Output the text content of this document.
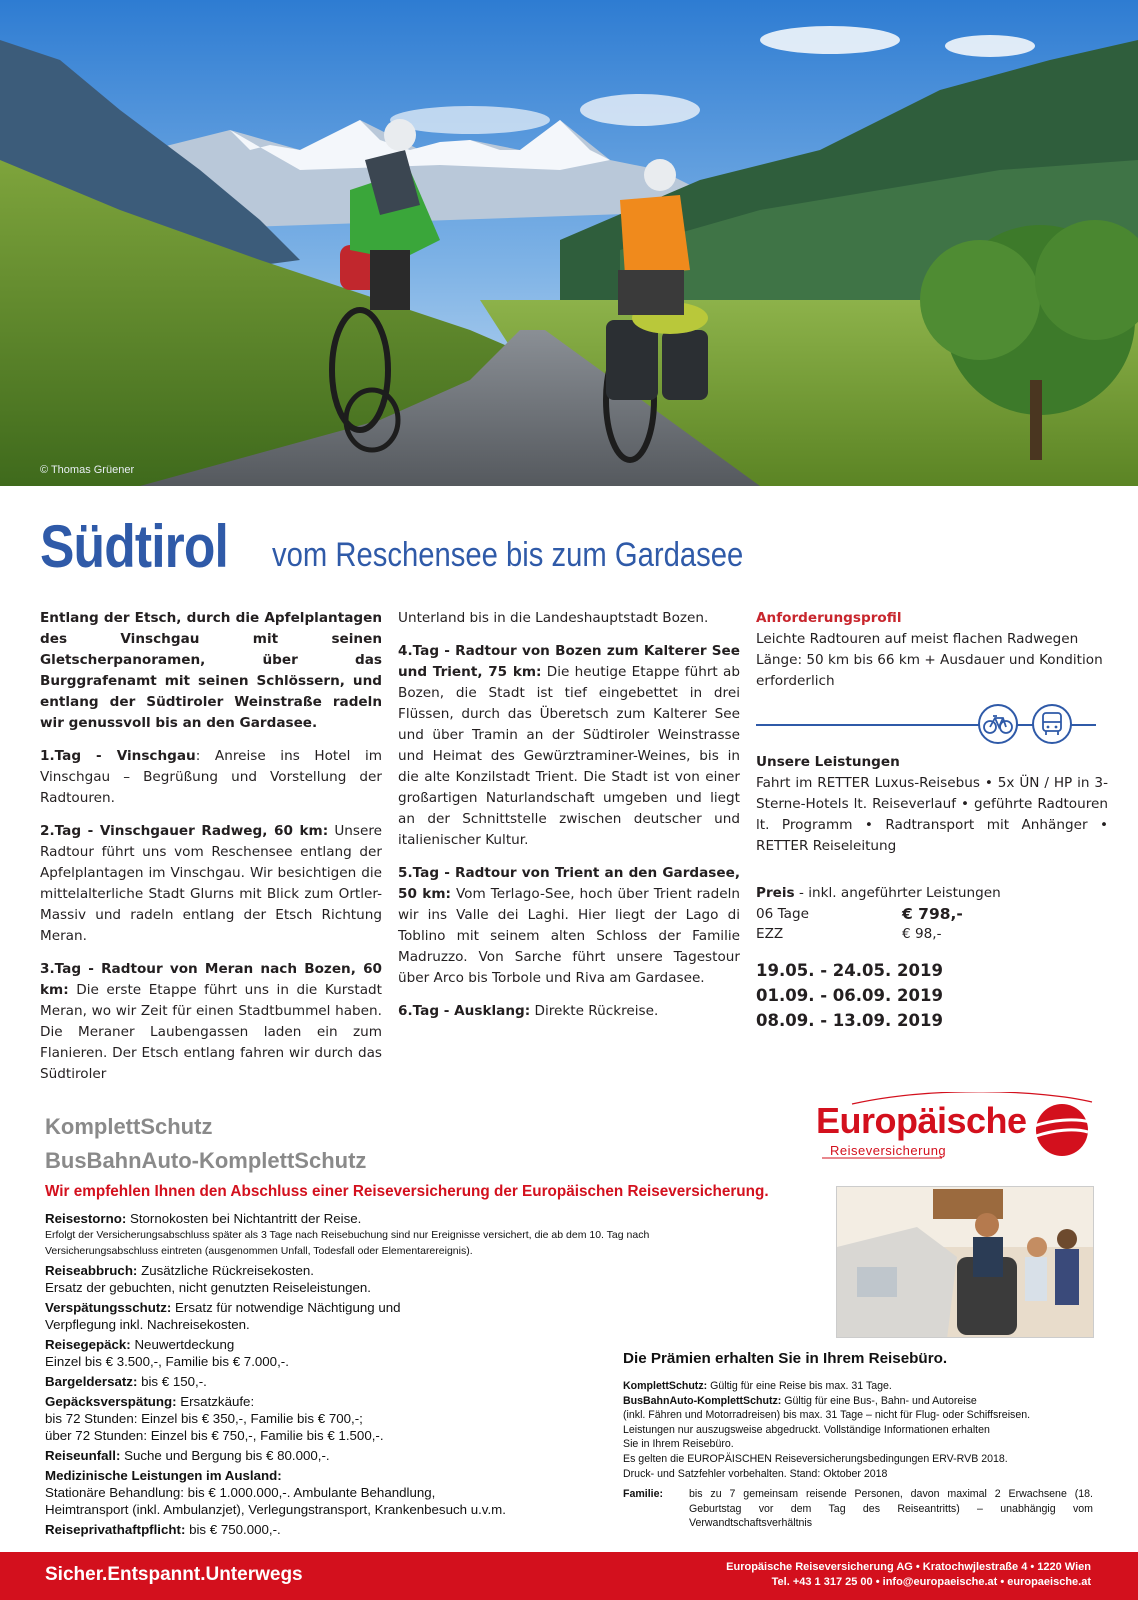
© Thomas Grüener
Südtirol vom Reschensee bis zum Gardasee

Entlang der Etsch, durch die Apfelplantagen des Vinschgau mit seinen Gletscherpanoramen, über das Burggrafenamt mit seinen Schlössern, und entlang der Südtiroler Weinstraße radeln wir genussvoll bis an den Gardasee.

1.Tag - Vinschgau: Anreise ins Hotel im Vinschgau – Begrüßung und Vorstellung der Radtouren.

2.Tag - Vinschgauer Radweg, 60 km: Unsere Radtour führt uns vom Reschensee entlang der Apfelplantagen im Vinschgau. Wir besichtigen die mittelalterliche Stadt Glurns mit Blick zum Ortler-Massiv und radeln entlang der Etsch Richtung Meran.

3.Tag - Radtour von Meran nach Bozen, 60 km: Die erste Etappe führt uns in die Kurstadt Meran, wo wir Zeit für einen Stadtbummel haben. Die Meraner Laubengassen laden ein zum Flanieren. Der Etsch entlang fahren wir durch das Südtiroler

Unterland bis in die Landeshauptstadt Bozen.

4.Tag - Radtour von Bozen zum Kalterer See und Trient, 75 km: Die heutige Etappe führt ab Bozen, die Stadt ist tief eingebettet in drei Flüssen, durch das Überetsch zum Kalterer See und über Tramin an der Südtiroler Weinstrasse und Heimat des Gewürztraminer-Weines, bis in die alte Konzilstadt Trient. Die Stadt ist von einer großartigen Naturlandschaft umgeben und liegt an der Schnittstelle zwischen deutscher und italienischer Kultur.

5.Tag - Radtour von Trient an den Gardasee, 50 km: Vom Terlago-See, hoch über Trient radeln wir ins Valle dei Laghi. Hier liegt der Lago di Toblino mit seinem alten Schloss der Familie Madruzzo. Von Sarche führt unsere Tagestour über Arco bis Torbole und Riva am Gardasee.

6.Tag - Ausklang: Direkte Rückreise.

Anforderungsprofil
Leichte Radtouren auf meist flachen Radwegen
Länge: 50 km bis 66 km + Ausdauer und Kondition erforderlich
Unsere Leistungen
Fahrt im RETTER Luxus-Reisebus • 5x ÜN / HP in 3-Sterne-Hotels lt. Reiseverlauf • geführte Radtouren lt. Programm • Radtransport mit Anhänger • RETTER Reiseleitung
Preis - inkl. angeführter Leistungen
06 Tage	€ 798,-
EZZ	€ 98,-
19.05. - 24.05. 2019
01.09. - 06.09. 2019
08.09. - 13.09. 2019
KomplettSchutz
BusBahnAuto-KomplettSchutz
Wir empfehlen Ihnen den Abschluss einer Reiseversicherung der Europäischen Reiseversicherung.
Europäische
Reiseversicherung
Reisestorno: Stornokosten bei Nichtantritt der Reise.
Erfolgt der Versicherungsabschluss später als 3 Tage nach Reisebuchung sind nur Ereignisse versichert, die ab dem 10. Tag nach Versicherungsabschluss eintreten (ausgenommen Unfall, Todesfall oder Elementarereignis).
Reiseabbruch: Zusätzliche Rückreisekosten.
Ersatz der gebuchten, nicht genutzten Reiseleistungen.
Verspätungsschutz: Ersatz für notwendige Nächtigung und Verpflegung inkl. Nachreisekosten.
Reisegepäck: Neuwertdeckung
Einzel bis € 3.500,-, Familie bis € 7.000,-.
Bargeldersatz: bis € 150,-.
Gepäcksverspätung: Ersatzkäufe:
bis 72 Stunden: Einzel bis € 350,-, Familie bis € 700,-;
über 72 Stunden: Einzel bis € 750,-, Familie bis € 1.500,-.
Reiseunfall: Suche und Bergung bis € 80.000,-.
Medizinische Leistungen im Ausland:
Stationäre Behandlung: bis € 1.000.000,-. Ambulante Behandlung,
Heimtransport (inkl. Ambulanzjet), Verlegungstransport, Krankenbesuch u.v.m.
Reiseprivathaftpflicht: bis € 750.000,-.
Die Prämien erhalten Sie in Ihrem Reisebüro.
KomplettSchutz: Gültig für eine Reise bis max. 31 Tage.
BusBahnAuto-KomplettSchutz: Gültig für eine Bus-, Bahn- und Autoreise
(inkl. Fähren und Motorradreisen) bis max. 31 Tage – nicht für Flug- oder Schiffsreisen.
Leistungen nur auszugsweise abgedruckt. Vollständige Informationen erhalten
Sie in Ihrem Reisebüro.
Es gelten die EUROPÄISCHEN Reiseversicherungsbedingungen ERV-RVB 2018.
Druck- und Satzfehler vorbehalten. Stand: Oktober 2018
Familie:	bis zu 7 gemeinsam reisende Personen, davon maximal 2 Erwachsene (18. Geburtstag vor dem Tag des Reiseantritts) – unabhängig vom Verwandtschaftsverhältnis
Sicher.Entspannt.Unterwegs	Europäische Reiseversicherung AG • Kratochwjlestraße 4 • 1220 Wien
Tel. +43 1 317 25 00 • info@europaeische.at • europaeische.at
